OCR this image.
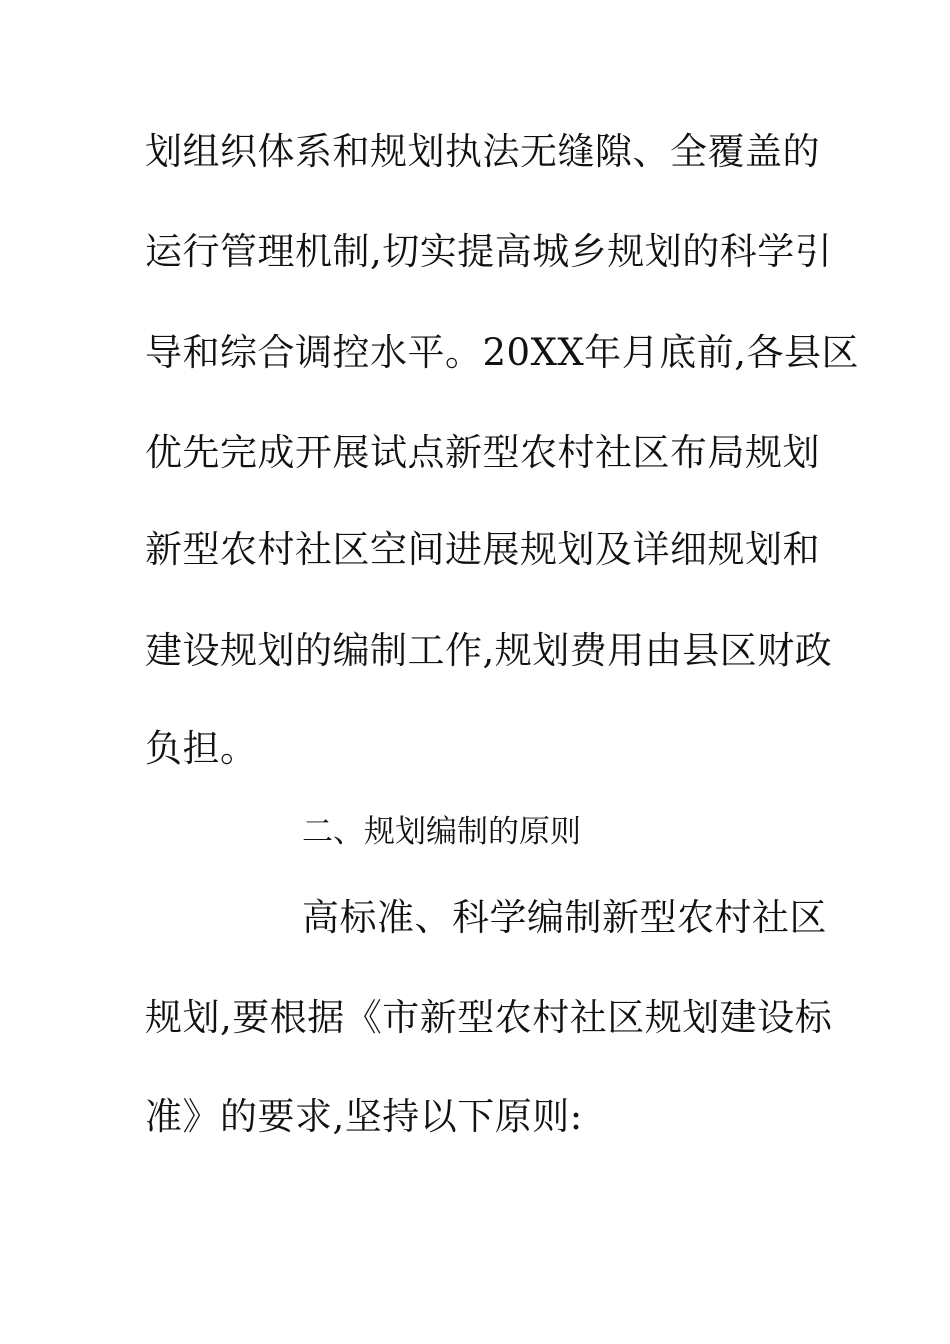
划组织体系和规划执法无缝隙、全覆盖的
运行管理机制,切实提高城乡规划的科学引
导和综合调控水平。20XX年月底前,各县区
优先完成开展试点新型农村社区布局规划
新型农村社区空间进展规划及详细规划和
建设规划的编制工作,规划费用由县区财政
负担。
二、规划编制的原则
高标准、科学编制新型农村社区
规划,要根据《市新型农村社区规划建设标
准》的要求,坚持以下原则:
